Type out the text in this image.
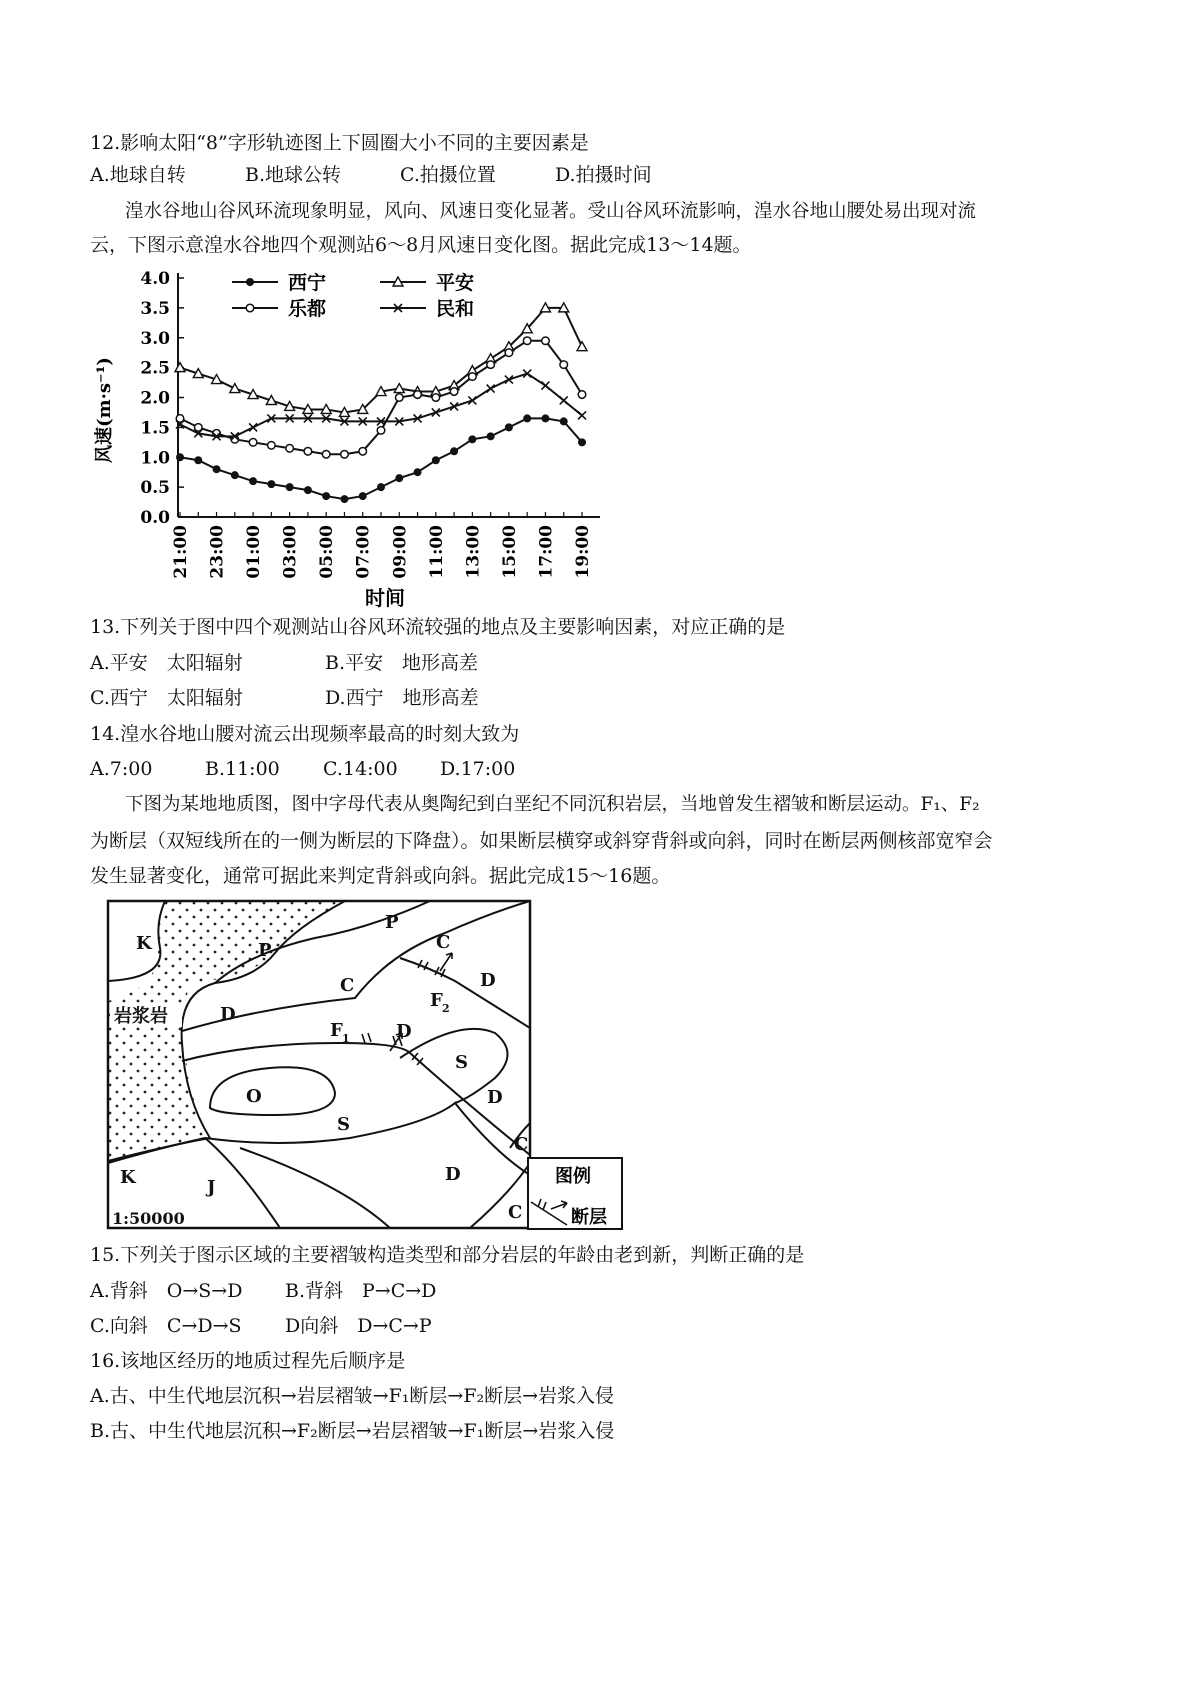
12.影响太阳“8”字形轨迹图上下圆圈大小不同的主要因素是
A.地球自转	B.地球公转	C.拍摄位置	D.拍摄时间
湟水谷地山谷风环流现象明显，风向、风速日变化显著。受山谷风环流影响，湟水谷地山腰处易出现对流
云，下图示意湟水谷地四个观测站6～8月风速日变化图。据此完成13～14题。
0.0
0.5
1.0
1.5
2.0
2.5
3.0
3.5
4.0
21:00 23:00 01:00 03:00 05:00 07:00 09:00 11:00 13:00 15:00 17:00 19:00
西宁	平安
乐都	民和
风速(m·s⁻¹)
时间
13.下列关于图中四个观测站山谷风环流较强的地点及主要影响因素，对应正确的是
A.平安　太阳辐射	B.平安　地形高差
C.西宁　太阳辐射	D.西宁　地形高差
14.湟水谷地山腰对流云出现频率最高的时刻大致为
A.7:00	B.11:00 C.14:00 D.17:00
下图为某地地质图，图中字母代表从奥陶纪到白垩纪不同沉积岩层，当地曾发生褶皱和断层运动。F₁、F₂
为断层（双短线所在的一侧为断层的下降盘）。如果断层横穿或斜穿背斜或向斜，同时在断层两侧核部宽窄会
发生显著变化，通常可据此来判定背斜或向斜。据此完成15～16题。
K
P
P	C
D
C
F 2
F 1
D
D
S
O
S
D
C
K	J
D
C
岩浆岩
1:50000
图例
断层
15.下列关于图示区域的主要褶皱构造类型和部分岩层的年龄由老到新，判断正确的是
A.背斜　O→S→D B.背斜　P→C→D
C.向斜　C→D→S D向斜　D→C→P
16.该地区经历的地质过程先后顺序是
A.古、中生代地层沉积→岩层褶皱→F₁断层→F₂断层→岩浆入侵
B.古、中生代地层沉积→F₂断层→岩层褶皱→F₁断层→岩浆入侵
